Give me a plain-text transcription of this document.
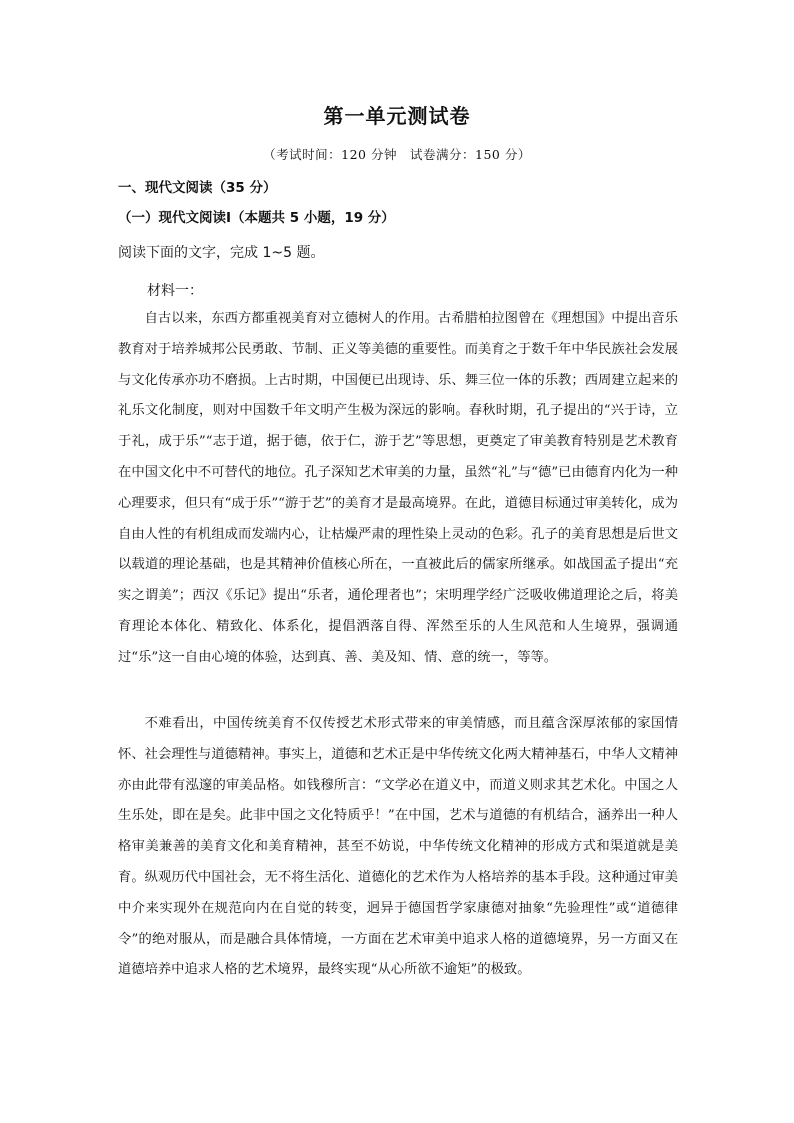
第一单元测试卷
（考试时间：120 分钟　试卷满分：150 分）
一、现代文阅读（35 分）
（一）现代文阅读Ⅰ（本题共 5 小题，19 分）
阅读下面的文字，完成 1~5 题。
材料一：

自古以来，东西方都重视美育对立德树人的作用。古希腊柏拉图曾在《理想国》中提出音乐教育对于培养城邦公民勇敢、节制、正义等美德的重要性。而美育之于数千年中华民族社会发展与文化传承亦功不磨损。上古时期，中国便已出现诗、乐、舞三位一体的乐教；西周建立起来的礼乐文化制度，则对中国数千年文明产生极为深远的影响。春秋时期，孔子提出的“兴于诗，立于礼，成于乐”“志于道，据于德，依于仁，游于艺”等思想，更奠定了审美教育特别是艺术教育在中国文化中不可替代的地位。孔子深知艺术审美的力量，虽然“礼”与“德”已由德育内化为一种心理要求，但只有“成于乐”“游于艺”的美育才是最高境界。在此，道德目标通过审美转化，成为自由人性的有机组成而发端内心，让枯燥严肃的理性染上灵动的色彩。孔子的美育思想是后世文以载道的理论基础，也是其精神价值核心所在，一直被此后的儒家所继承。如战国孟子提出“充实之谓美”；西汉《乐记》提出“乐者，通伦理者也”；宋明理学经广泛吸收佛道理论之后，将美育理论本体化、精致化、体系化，提倡洒落自得、浑然至乐的人生风范和人生境界，强调通过“乐”这一自由心境的体验，达到真、善、美及知、情、意的统一，等等。

不难看出，中国传统美育不仅传授艺术形式带来的审美情感，而且蕴含深厚浓郁的家国情怀、社会理性与道德精神。事实上，道德和艺术正是中华传统文化两大精神基石，中华人文精神亦由此带有泓邃的审美品格。如钱穆所言：“文学必在道义中，而道义则求其艺术化。中国之人生乐处，即在是矣。此非中国之文化特质乎！”在中国，艺术与道德的有机结合，涵养出一种人格审美兼善的美育文化和美育精神，甚至不妨说，中华传统文化精神的形成方式和渠道就是美育。纵观历代中国社会，无不将生活化、道德化的艺术作为人格培养的基本手段。这种通过审美中介来实现外在规范向内在自觉的转变，迥异于德国哲学家康德对抽象“先验理性”或“道德律令”的绝对服从，而是融合具体情境，一方面在艺术审美中追求人格的道德境界，另一方面又在道德培养中追求人格的艺术境界，最终实现“从心所欲不逾矩”的极致。
